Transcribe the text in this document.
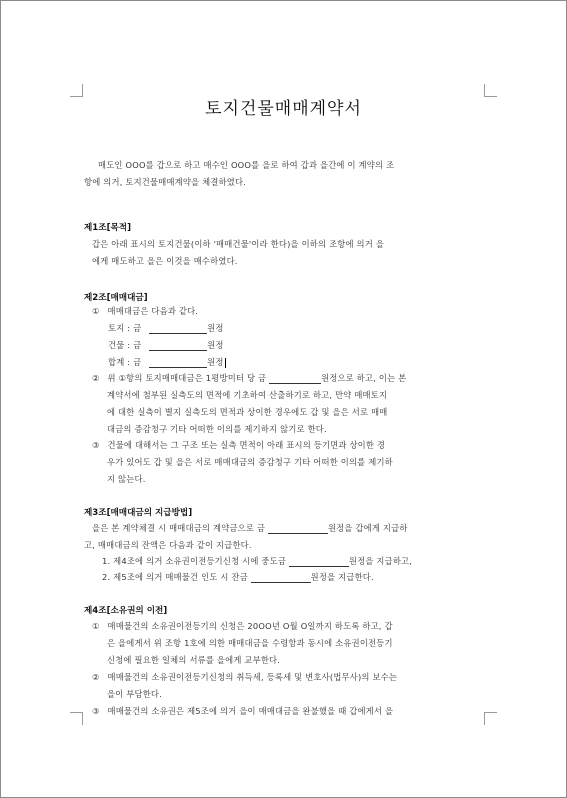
토지건물매매계약서
매도인 OOO를 갑으로 하고 매수인 OOO를 을로 하여 갑과 을간에 이 계약의 조
항에 의거, 토지건물매매계약을 체결하였다.
제1조[목적]
갑은 아래 표시의 토지건물(이하 '매매건물'이라 한다)을 이하의 조항에 의거 을
에게 매도하고 을은 이것을 매수하였다.
제2조[매매대금]
① 매매대금은 다음과 같다.
토지 : 금	원정
건물 : 금	원정
합계 : 금	원정
② 위 ①항의 토지매매대금은 1평방미터 당 금	원정으로 하고, 이는 본
계약서에 첨부된 실측도의 면적에 기초하여 산출하기로 하고, 만약 매매토지
에 대한 실측이 별지 실측도의 면적과 상이한 경우에도 갑 및 을은 서로 매매
대금의 증감청구 기타 어떠한 이의를 제기하지 않기로 한다.
③ 건물에 대해서는 그 구조 또는 실측 면적이 아래 표시의 등기면과 상이한 경
우가 있어도 갑 및 을은 서로 매매대금의 증감청구 기타 어떠한 이의를 제기하
지 않는다.
제3조[매매대금의 지급방법]
을은 본 계약체결 시 매매대금의 계약금으로 금	원정을 갑에게 지급하
고, 매매대금의 잔액은 다음과 같이 지급한다.
1. 제4조에 의거 소유권이전등기신청 시에 중도금	원정을 지급하고,
2. 제5조에 의거 매매물건 인도 시 잔금	원정을 지급한다.
제4조[소유권의 이전]
① 매매물건의 소유권이전등기의 신청은 20OO년 O월 O일까지 하도록 하고, 갑
은 을에게서 위 조항 1호에 의한 매매대금을 수령함과 동시에 소유권이전등기
신청에 필요한 일체의 서류를 을에게 교부한다.
② 매매물건의 소유권이전등기신청의 취득세, 등록세 및 변호사(법무사)의 보수는
을이 부담한다.
③ 매매물건의 소유권은 제5조에 의거 을이 매매대금을 완불했을 때 갑에게서 을
